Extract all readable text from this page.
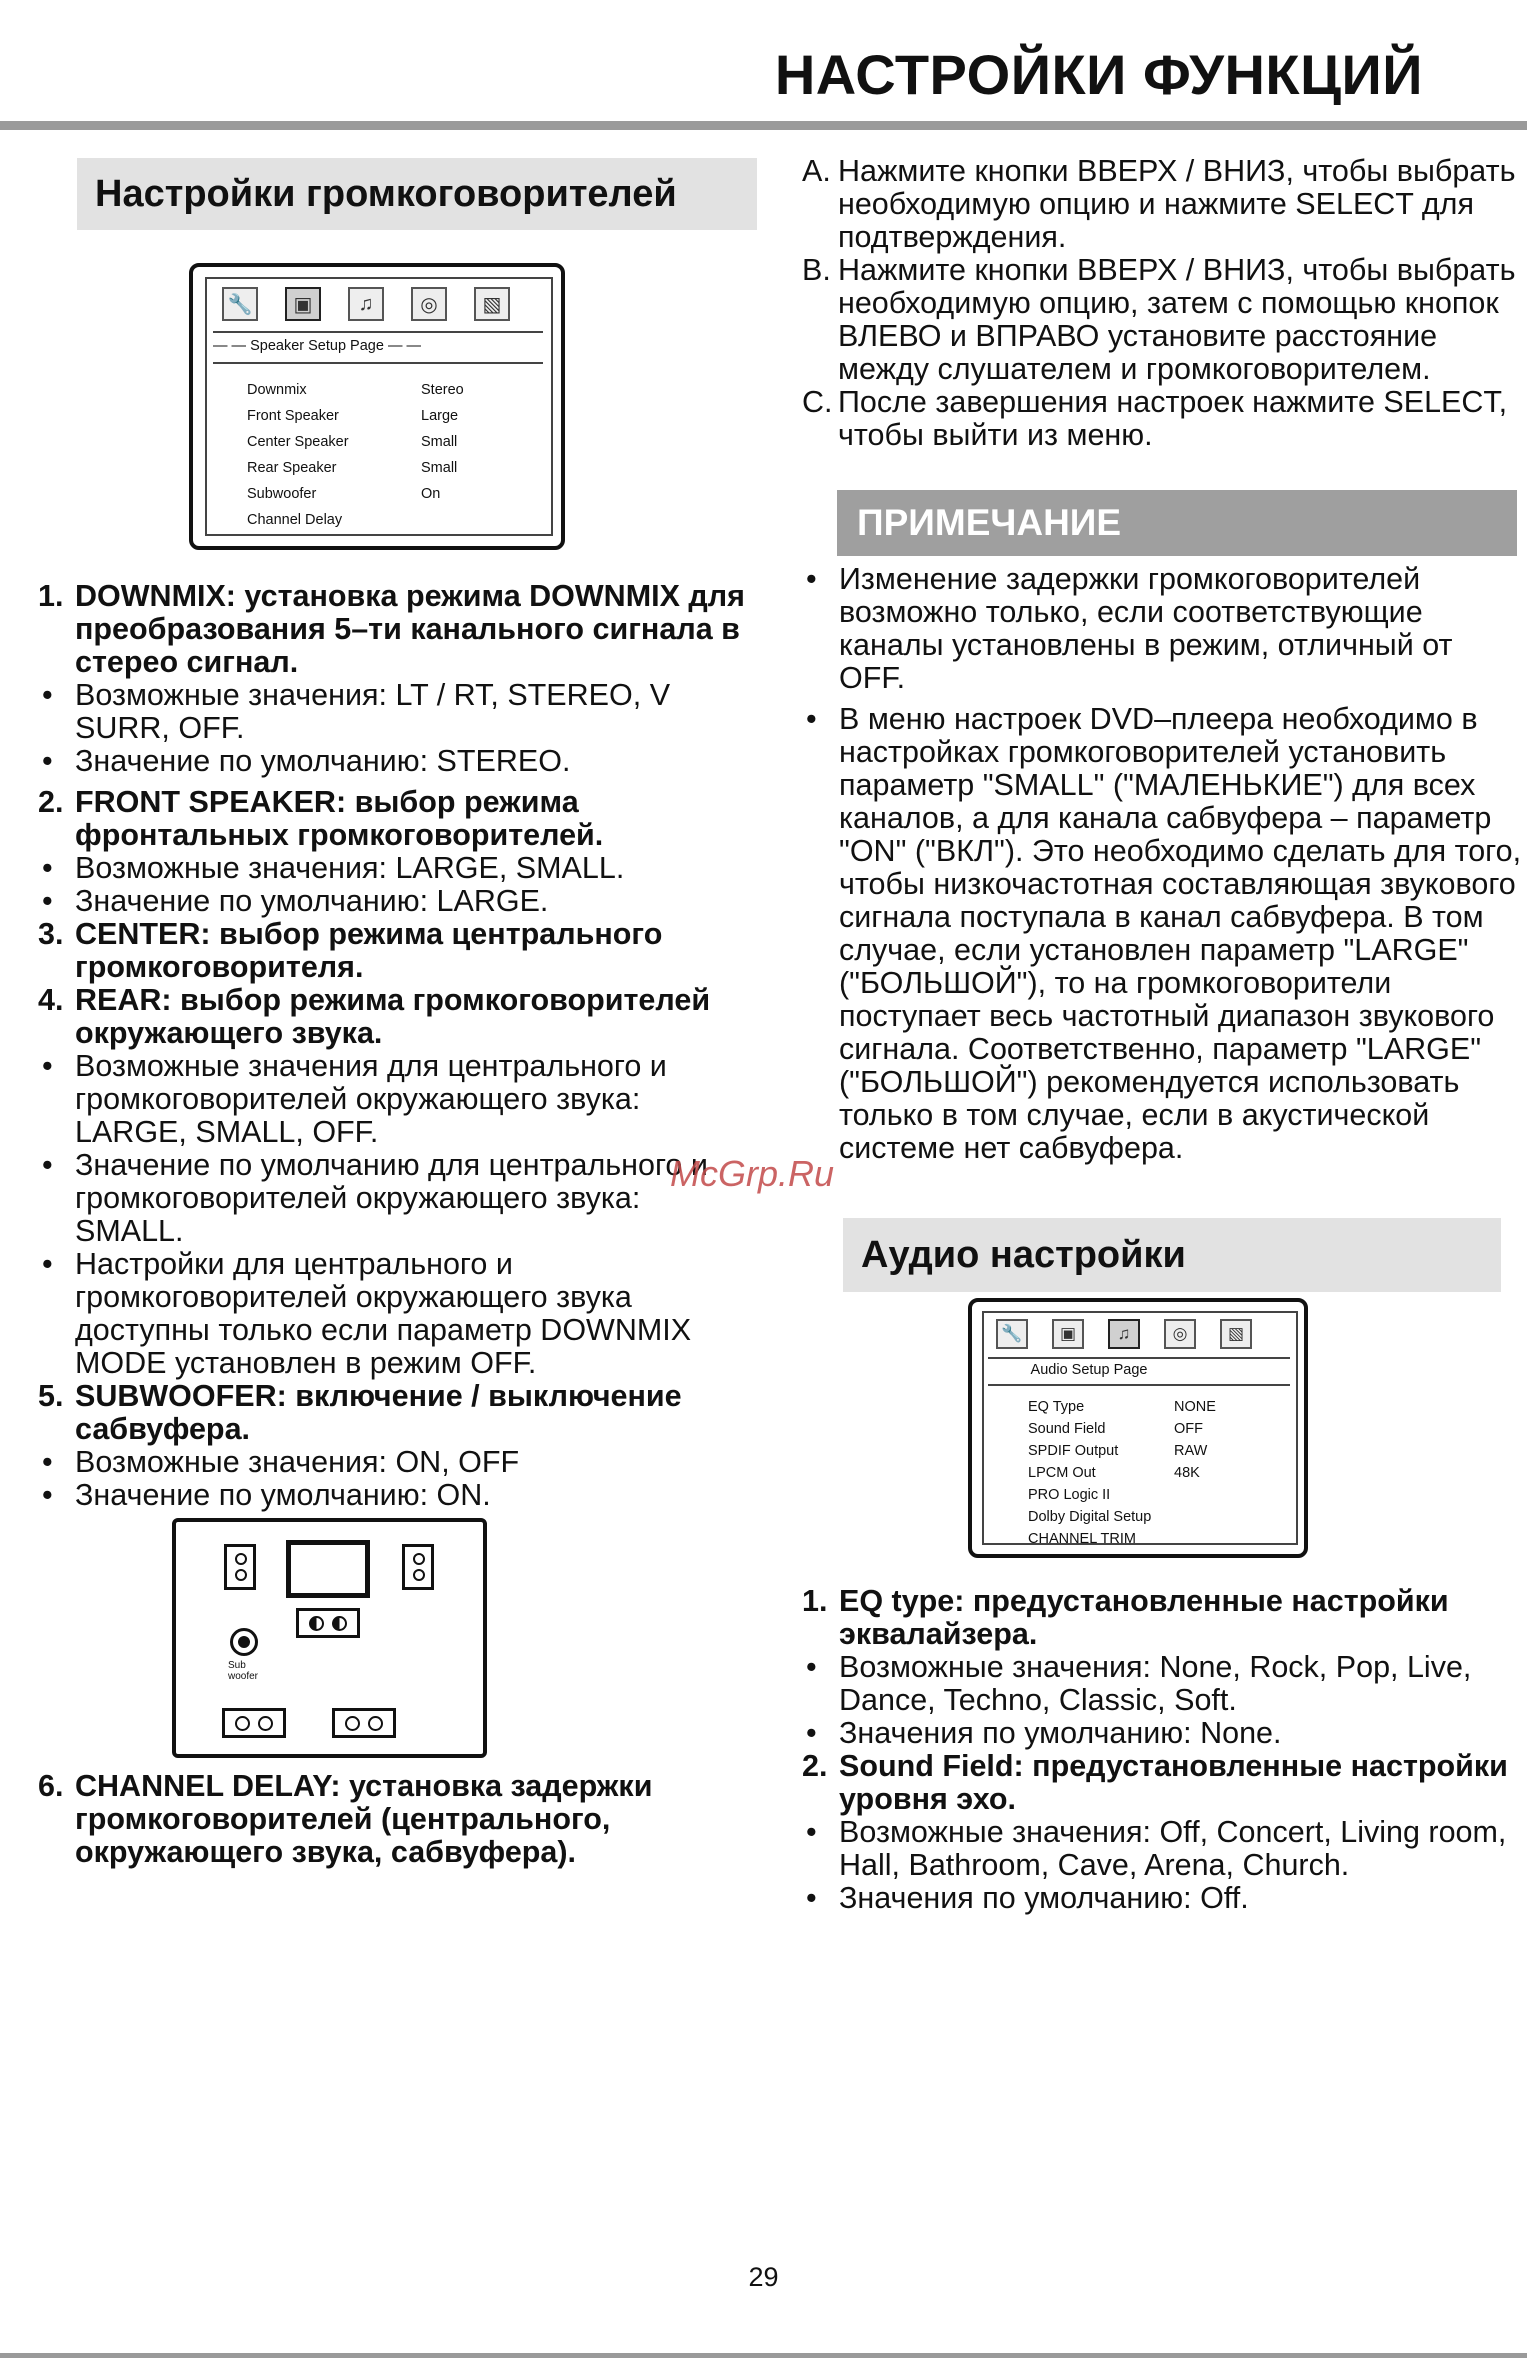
НАСТРОЙКИ ФУНКЦИЙ
Настройки громкоговорителей
🔧	▣	♫	◎	▧
— — Speaker Setup Page — —
Downmix	Stereo
Front Speaker	Large
Center Speaker	Small
Rear Speaker	Small
Subwoofer	On
Channel Delay

1. DOWNMIX: установка режима DOWNMIX для преобразования 5–ти канального сигнала в стерео сигнал.

• Возможные значения: LT / RT, STEREO, V SURR, OFF.

• Значение по умолчанию: STEREO.

2. FRONT SPEAKER: выбор режима фронтальных громкоговорителей.

• Возможные значения: LARGE, SMALL.

• Значение по умолчанию: LARGE.

3. CENTER: выбор режима центрального громкоговорителя.

4. REAR: выбор режима громкоговорителей окружающего звука.

• Возможные значения для центрального и громкоговорителей окружающего звука: LARGE, SMALL, OFF.

• Значение по умолчанию для центрального и громкоговорителей окружающего звука: SMALL.

• Настройки для центрального и громкоговорителей окружающего звука доступны только если параметр DOWNMIX MODE установлен в режим OFF.

5. SUBWOOFER: включение / выключение сабвуфера.

• Возможные значения: ON, OFF

• Значение по умолчанию: ON.

Sub woofer

6. CHANNEL DELAY: установка задержки громкоговорителей (центрального, окружающего звука, сабвуфера).

A. Нажмите кнопки ВВЕРХ / ВНИЗ, чтобы выбрать необходимую опцию и нажмите SELECT для подтверждения.

B. Нажмите кнопки ВВЕРХ / ВНИЗ, чтобы выбрать необходимую опцию, затем с помощью кнопок ВЛЕВО и ВПРАВО установите расстояние между слушателем и громкоговорителем.

C. После завершения настроек нажмите SELECT, чтобы выйти из меню.

ПРИМЕЧАНИЕ

• Изменение задержки громкоговорителей возможно только, если соответствующие каналы установлены в режим, отличный от OFF.

• В меню настроек DVD–плеера необходимо в настройках громкоговорителей установить параметр "SMALL" ("МАЛЕНЬКИЕ") для всех каналов, а для канала сабвуфера – параметр "ON" ("ВКЛ"). Это необходимо сделать для того, чтобы низкочастотная составляющая звукового сигнала поступала в канал сабвуфера. В том случае, если установлен параметр "LARGE" ("БОЛЬШОЙ"), то на громкоговорители поступает весь частотный диапазон звукового сигнала. Соответственно, параметр "LARGE" ("БОЛЬШОЙ") рекомендуется использовать только в том случае, если в акустической системе нет сабвуфера.

Аудио настройки
🔧	▣	♫	◎	▧
Audio Setup Page
EQ Type	NONE
Sound Field	OFF
SPDIF Output	RAW
LPCM Out	48K
PRO Logic II
Dolby Digital Setup
CHANNEL TRIM

1. EQ type: предустановленные настройки эквалайзера.

• Возможные значения: None, Rock, Pop, Live, Dance, Techno, Classic, Soft.

• Значения по умолчанию: None.

2. Sound Field: предустановленные настройки уровня эхо.

• Возможные значения: Off, Concert, Living room, Hall, Bathroom, Cave, Arena, Church.

• Значения по умолчанию: Off.

McGrp.Ru
29
